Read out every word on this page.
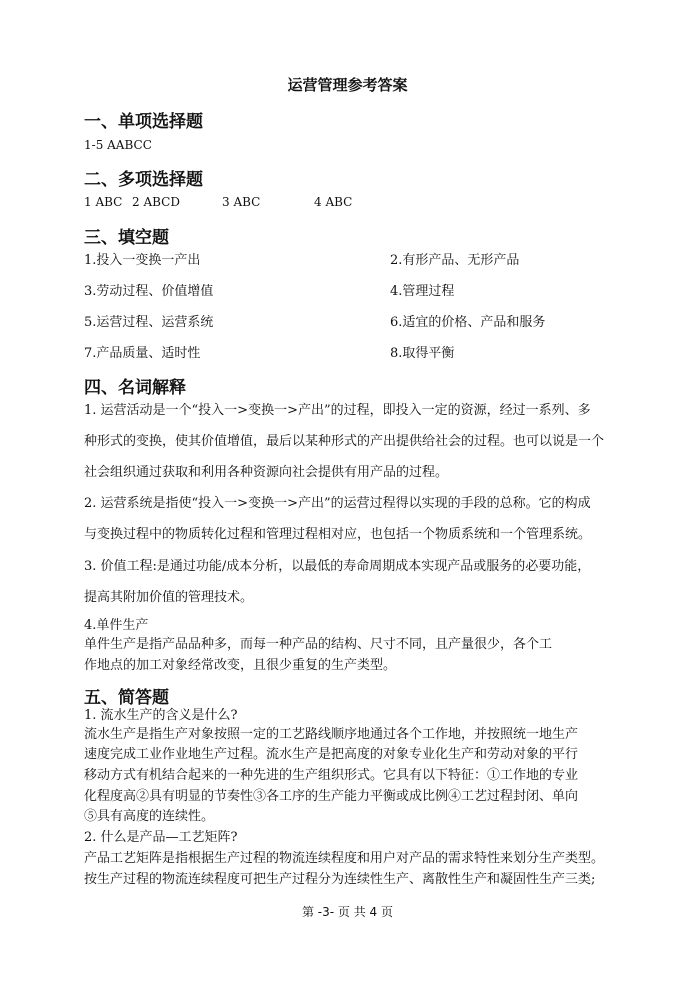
运营管理参考答案
一、单项选择题
1-5 AABCC
二、多项选择题
1 ABC 2 ABCD	3 ABC	4 ABC
三、填空题
1.投入一变换一产出	2.有形产品、无形产品
3.劳动过程、价值增值	4.管理过程
5.运营过程、运营系统	6.适宜的价格、产品和服务
7.产品质量、适时性	8.取得平衡
四、名词解释
1. 运营活动是一个“投入一>变换一>产出”的过程，即投入一定的资源，经过一系列、多
种形式的变换，使其价值增值，最后以某种形式的产出提供给社会的过程。也可以说是一个
社会组织通过获取和利用各种资源向社会提供有用产品的过程。
2. 运营系统是指使“投入一>变换一>产出”的运营过程得以实现的手段的总称。它的构成
与变换过程中的物质转化过程和管理过程相对应，也包括一个物质系统和一个管理系统。
3. 价值工程:是通过功能/成本分析，以最低的寿命周期成本实现产品或服务的必要功能，
提高其附加价值的管理技术。
4.单件生产
单件生产是指产品品种多，而每一种产品的结构、尺寸不同，且产量很少，各个工
作地点的加工对象经常改变，且很少重复的生产类型。
五、简答题
1. 流水生产的含义是什么?
流水生产是指生产对象按照一定的工艺路线顺序地通过各个工作地，并按照统一地生产
速度完成工业作业地生产过程。流水生产是把高度的对象专业化生产和劳动对象的平行
移动方式有机结合起来的一种先进的生产组织形式。它具有以下特征：①工作地的专业
化程度高②具有明显的节奏性③各工序的生产能力平衡或成比例④工艺过程封闭、单向
⑤具有高度的连续性。
2. 什么是产品—工艺矩阵?
产品工艺矩阵是指根据生产过程的物流连续程度和用户对产品的需求特性来划分生产类型。
按生产过程的物流连续程度可把生产过程分为连续性生产、离散性生产和凝固性生产三类;
第 -3- 页 共 4 页
